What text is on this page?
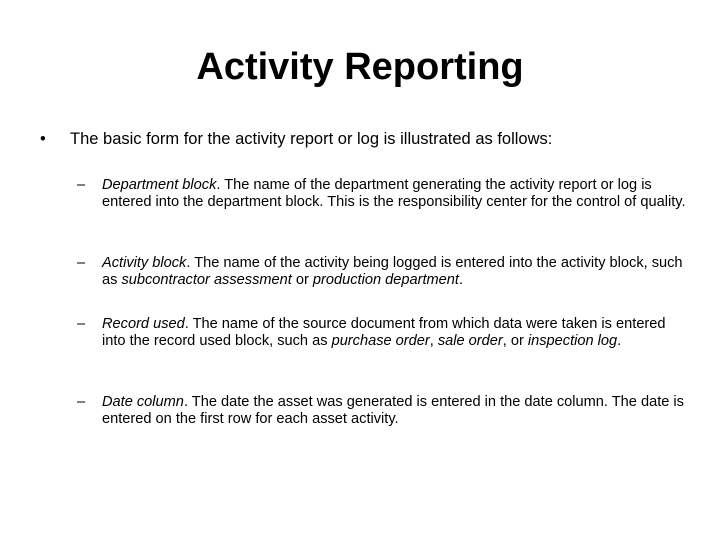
Activity Reporting
•	The basic form for the activity report or log is illustrated as follows:
–	Department block. The name of the department generating the activity report or log is entered into the department block. This is the responsibility center for the control of quality.
–	Activity block. The name of the activity being logged is entered into the activity block, such as subcontractor assessment or production department.
–	Record used. The name of the source document from which data were taken is entered into the record used block, such as purchase order, sale order, or inspection log.
–	Date column. The date the asset was generated is entered in the date column. The date is entered on the first row for each asset activity.
